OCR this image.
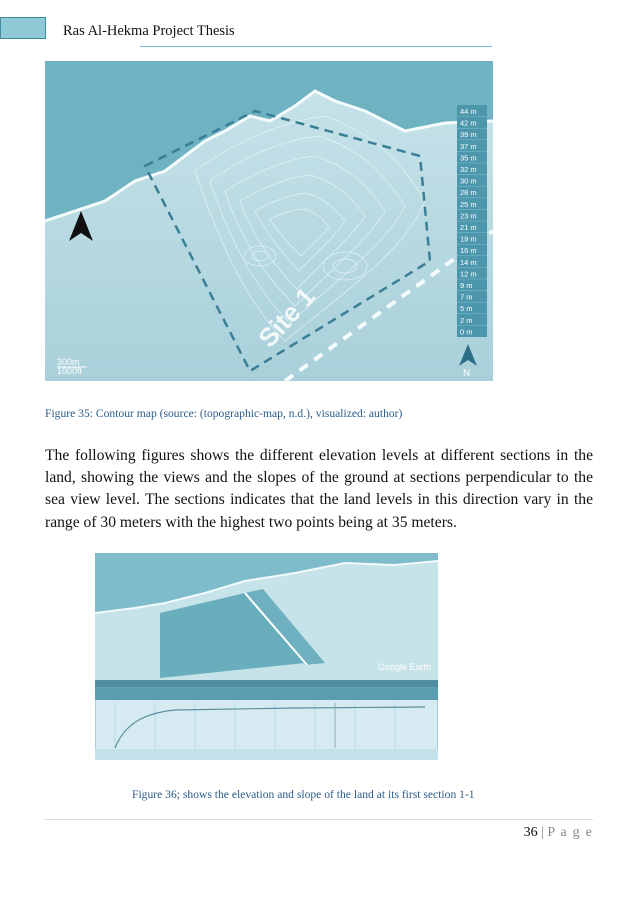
Ras Al-Hekma Project Thesis
Site 1
300m
1000ft
44 m
42 m
39 m
37 m
35 m
32 m
30 m
28 m
25 m
23 m
21 m
19 m
16 m
14 m
12 m
9 m
7 m
5 m
2 m
0 m
N
Figure 35: Contour map (source: (topographic-map, n.d.), visualized: author)
The following figures shows the different elevation levels at different sections in the land, showing the views and the slopes of the ground at sections perpendicular to the sea view level. The sections indicates that the land levels in this direction vary in the range of 30 meters with the highest two points being at 35 meters.
Google Earth
Figure 36; shows the elevation and slope of the land at its first section 1-1
36 | P a g e
